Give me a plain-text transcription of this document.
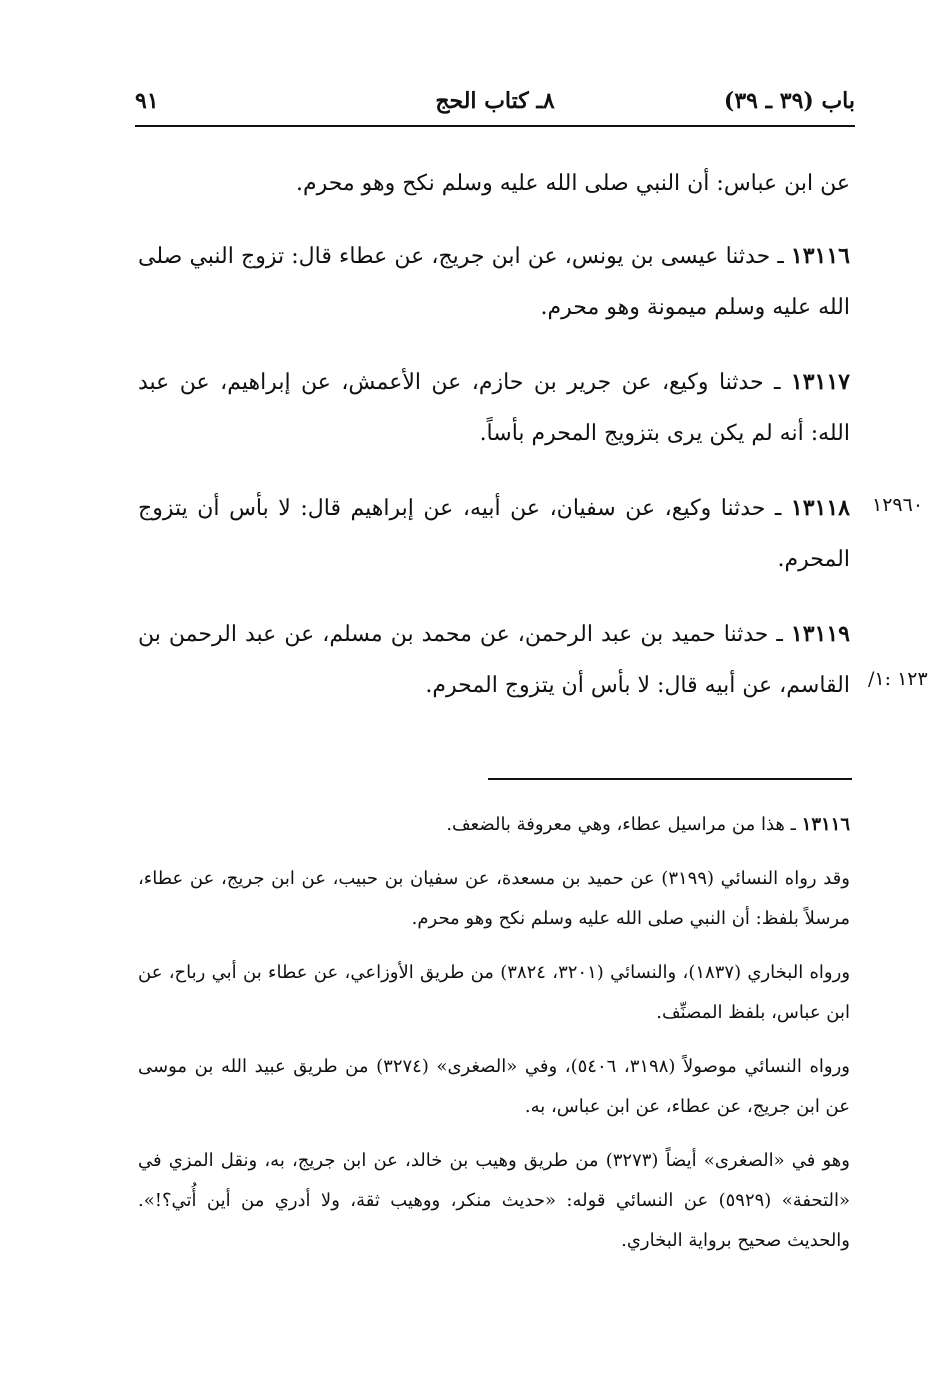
باب (٣٩ ـ ٣٩)
٨ـ كتاب الحج
٩١

عن ابن عباس: أن النبي صلى الله عليه وسلم نكح وهو محرم.

١٣١١٦ ـ حدثنا عيسى بن يونس، عن ابن جريج، عن عطاء قال: تزوج النبي صلى الله عليه وسلم ميمونة وهو محرم.

١٣١١٧ ـ حدثنا وكيع، عن جرير بن حازم، عن الأعمش، عن إبراهيم، عن عبد الله: أنه لم يكن يرى بتزويج المحرم بأساً.

١٣١١٨ ـ حدثنا وكيع، عن سفيان، عن أبيه، عن إبراهيم قال: لا بأس أن يتزوج المحرم.

١٣١١٩ ـ حدثنا حميد بن عبد الرحمن، عن محمد بن مسلم، عن عبد الرحمن بن القاسم، عن أبيه قال: لا بأس أن يتزوج المحرم.

١٢٩٦٠
١٢٣ :١/

١٣١١٦ ـ هذا من مراسيل عطاء، وهي معروفة بالضعف.

وقد رواه النسائي (٣١٩٩) عن حميد بن مسعدة، عن سفيان بن حبيب، عن ابن جريج، عن عطاء، مرسلاً بلفظ: أن النبي صلى الله عليه وسلم نكح وهو محرم.

ورواه البخاري (١٨٣٧)، والنسائي (٣٢٠١، ٣٨٢٤) من طريق الأوزاعي، عن عطاء بن أبي رباح، عن ابن عباس، بلفظ المصنِّف.

ورواه النسائي موصولاً (٣١٩٨، ٥٤٠٦)، وفي «الصغرى» (٣٢٧٤) من طريق عبيد الله بن موسى عن ابن جريج، عن عطاء، عن ابن عباس، به.

وهو في «الصغرى» أيضاً (٣٢٧٣) من طريق وهيب بن خالد، عن ابن جريج، به، ونقل المزي في «التحفة» (٥٩٢٩) عن النسائي قوله: «حديث منكر، ووهيب ثقة، ولا أدري من أين أُتي؟!». والحديث صحيح برواية البخاري.
